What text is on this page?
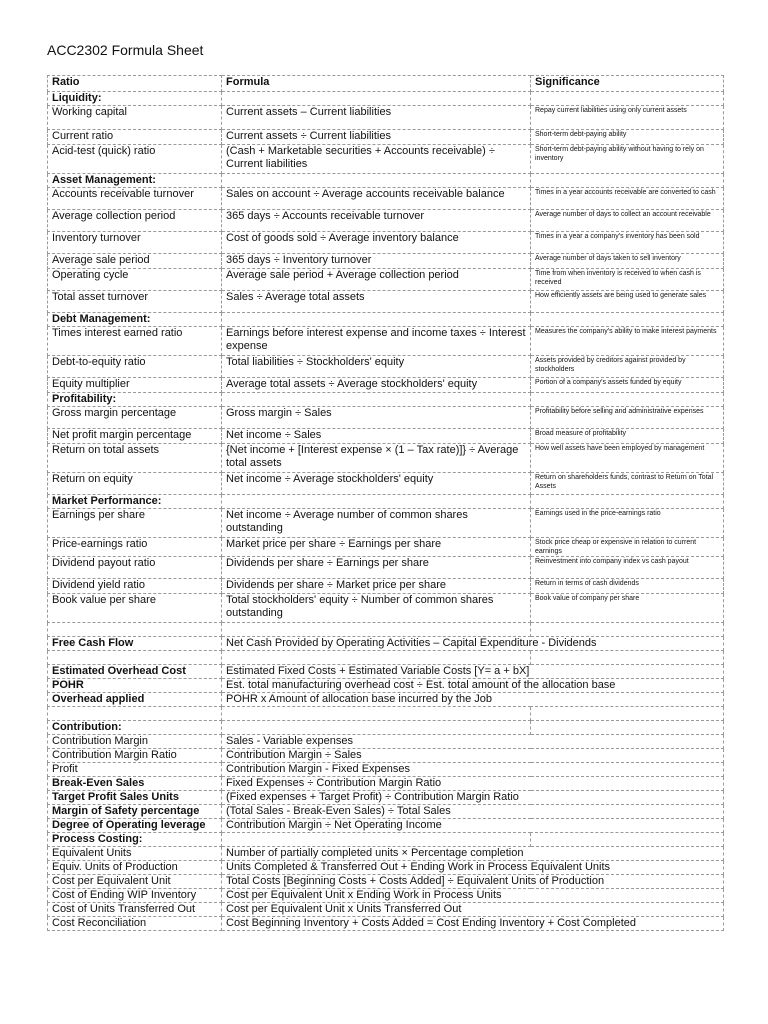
ACC2302 Formula Sheet
Ratio	Formula	Significance
Liquidity:		
Working capital	Current assets – Current liabilities	Repay current liabilities using only current assets
Current ratio	Current assets ÷ Current liabilities	Short-term debt-paying ability
Acid-test (quick) ratio	(Cash + Marketable securities + Accounts receivable) ÷ Current liabilities	Short-term debt-paying ability without having to rely on inventory
Asset Management:		
Accounts receivable turnover	Sales on account ÷ Average accounts receivable balance	Times in a year accounts receivable are converted to cash
Average collection period	365 days ÷ Accounts receivable turnover	Average number of days to collect an account receivable
Inventory turnover	Cost of goods sold ÷ Average inventory balance	Times in a year a company's inventory has been sold
Average sale period	365 days ÷ Inventory turnover	Average number of days taken to sell inventory
Operating cycle	Average sale period + Average collection period	Time from when inventory is received to when cash is received
Total asset turnover	Sales ÷ Average total assets	How efficiently assets are being used to generate sales
Debt Management:		
Times interest earned ratio	Earnings before interest expense and income taxes ÷ Interest expense	Measures the company's ability to make interest payments
Debt-to-equity ratio	Total liabilities ÷ Stockholders' equity	Assets provided by creditors against provided by stockholders
Equity multiplier	Average total assets ÷ Average stockholders' equity	Portion of a company's assets funded by equity
Profitability:		
Gross margin percentage	Gross margin ÷ Sales	Profitability before selling and administrative expenses
Net profit margin percentage	Net income ÷ Sales	Broad measure of profitability
Return on total assets	{Net income + [Interest expense × (1 – Tax rate)]} ÷ Average total assets	How well assets have been employed by management
Return on equity	Net income ÷ Average stockholders' equity	Return on shareholders funds, contrast to Return on Total Assets
Market Performance:		
Earnings per share	Net income ÷ Average number of common shares outstanding	Earnings used in the price-earnings ratio
Price-earnings ratio	Market price per share ÷ Earnings per share	Stock price cheap or expensive in relation to current earnings
Dividend payout ratio	Dividends per share ÷ Earnings per share	Reinvestment into company index vs cash payout
Dividend yield ratio	Dividends per share ÷ Market price per share	Return in terms of cash dividends
Book value per share	Total stockholders' equity ÷ Number of common shares outstanding	Book value of company per share

Free Cash Flow	Net Cash Provided by Operating Activities – Capital Expenditure - Dividends	

Estimated Overhead Cost	Estimated Fixed Costs + Estimated Variable Costs [Y= a + bX]	
POHR	Est. total manufacturing overhead cost ÷ Est. total amount of the allocation base	
Overhead applied	POHR x Amount of allocation base incurred by the Job	

Contribution:		
Contribution Margin	Sales - Variable expenses	
Contribution Margin Ratio	Contribution Margin ÷ Sales	
Profit	Contribution Margin - Fixed Expenses	
Break-Even Sales	Fixed Expenses ÷ Contribution Margin Ratio	
Target Profit Sales Units	(Fixed expenses + Target Profit) ÷ Contribution Margin Ratio	
Margin of Safety percentage	(Total Sales - Break-Even Sales) ÷ Total Sales	
Degree of Operating leverage	Contribution Margin ÷ Net Operating Income	
Process Costing:		
Equivalent Units	Number of partially completed units × Percentage completion	
Equiv. Units of Production	Units Completed & Transferred Out + Ending Work in Process Equivalent Units	
Cost per Equivalent Unit	Total Costs [Beginning Costs + Costs Added] ÷ Equivalent Units of Production	
Cost of Ending WIP Inventory	Cost per Equivalent Unit x Ending Work in Process Units	
Cost of Units Transferred Out	Cost per Equivalent Unit x Units Transferred Out	
Cost Reconciliation	Cost Beginning Inventory + Costs Added = Cost Ending Inventory + Cost Completed	
